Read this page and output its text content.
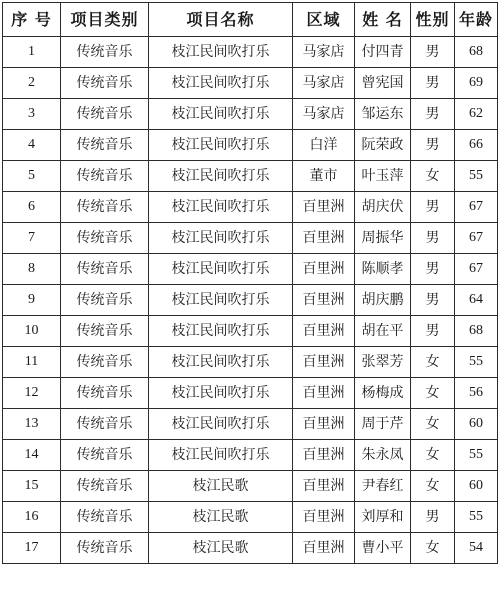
序 号	项目类别	项目名称	区域	姓 名	性别	年龄
1	传统音乐	枝江民间吹打乐	马家店	付四青	男	68
2	传统音乐	枝江民间吹打乐	马家店	曾宪国	男	69
3	传统音乐	枝江民间吹打乐	马家店	邹运东	男	62
4	传统音乐	枝江民间吹打乐	白洋	阮荣政	男	66
5	传统音乐	枝江民间吹打乐	董市	叶玉萍	女	55
6	传统音乐	枝江民间吹打乐	百里洲	胡庆伏	男	67
7	传统音乐	枝江民间吹打乐	百里洲	周振华	男	67
8	传统音乐	枝江民间吹打乐	百里洲	陈顺孝	男	67
9	传统音乐	枝江民间吹打乐	百里洲	胡庆鹏	男	64
10	传统音乐	枝江民间吹打乐	百里洲	胡在平	男	68
11	传统音乐	枝江民间吹打乐	百里洲	张翠芳	女	55
12	传统音乐	枝江民间吹打乐	百里洲	杨梅成	女	56
13	传统音乐	枝江民间吹打乐	百里洲	周于芹	女	60
14	传统音乐	枝江民间吹打乐	百里洲	朱永凤	女	55
15	传统音乐	枝江民歌	百里洲	尹春红	女	60
16	传统音乐	枝江民歌	百里洲	刘厚和	男	55
17	传统音乐	枝江民歌	百里洲	曹小平	女	54
